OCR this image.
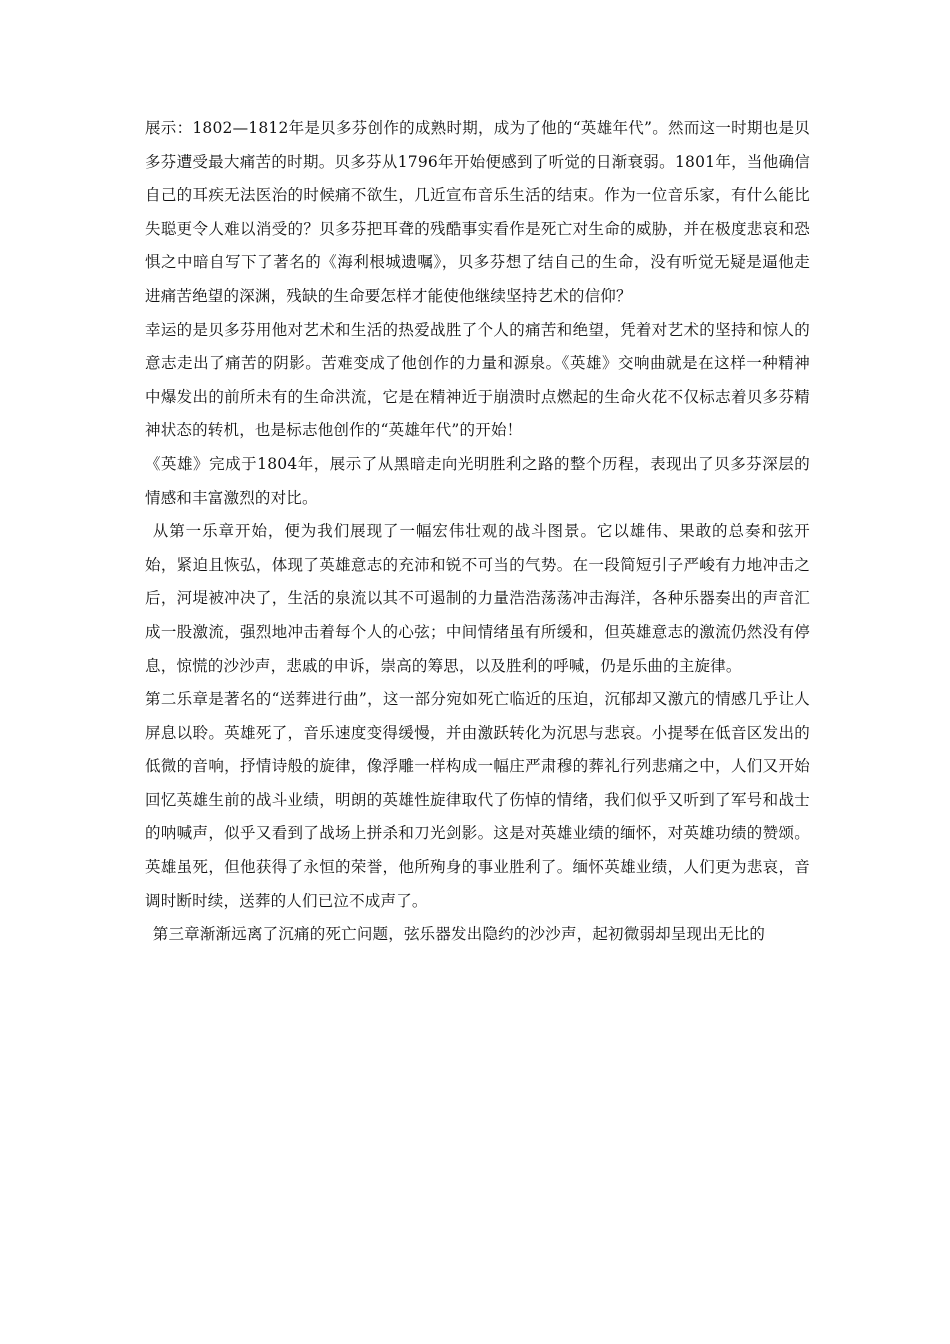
展示：1802—1812年是贝多芬创作的成熟时期，成为了他的“英雄年代”。然而这一时期也是贝多芬遭受最大痛苦的时期。贝多芬从1796年开始便感到了听觉的日渐衰弱。1801年，当他确信自己的耳疾无法医治的时候痛不欲生，几近宣布音乐生活的结束。作为一位音乐家，有什么能比失聪更令人难以消受的？贝多芬把耳聋的残酷事实看作是死亡对生命的威胁，并在极度悲哀和恐惧之中暗自写下了著名的《海利根城遗嘱》，贝多芬想了结自己的生命，没有听觉无疑是逼他走进痛苦绝望的深渊，残缺的生命要怎样才能使他继续坚持艺术的信仰？

幸运的是贝多芬用他对艺术和生活的热爱战胜了个人的痛苦和绝望，凭着对艺术的坚持和惊人的意志走出了痛苦的阴影。苦难变成了他创作的力量和源泉。《英雄》交响曲就是在这样一种精神中爆发出的前所未有的生命洪流，它是在精神近于崩溃时点燃起的生命火花不仅标志着贝多芬精神状态的转机，也是标志他创作的“英雄年代”的开始！

《英雄》完成于1804年，展示了从黑暗走向光明胜利之路的整个历程，表现出了贝多芬深层的情感和丰富激烈的对比。

从第一乐章开始，便为我们展现了一幅宏伟壮观的战斗图景。它以雄伟、果敢的总奏和弦开始，紧迫且恢弘，体现了英雄意志的充沛和锐不可当的气势。在一段简短引子严峻有力地冲击之后，河堤被冲决了，生活的泉流以其不可遏制的力量浩浩荡荡冲击海洋，各种乐器奏出的声音汇成一股激流，强烈地冲击着每个人的心弦；中间情绪虽有所缓和，但英雄意志的激流仍然没有停息，惊慌的沙沙声，悲戚的申诉，崇高的筹思，以及胜利的呼喊，仍是乐曲的主旋律。

第二乐章是著名的“送葬进行曲”，这一部分宛如死亡临近的压迫，沉郁却又激亢的情感几乎让人屏息以聆。英雄死了，音乐速度变得缓慢，并由激跃转化为沉思与悲哀。小提琴在低音区发出的低微的音响，抒情诗般的旋律，像浮雕一样构成一幅庄严肃穆的葬礼行列悲痛之中，人们又开始回忆英雄生前的战斗业绩，明朗的英雄性旋律取代了伤悼的情绪，我们似乎又听到了军号和战士的呐喊声，似乎又看到了战场上拼杀和刀光剑影。这是对英雄业绩的缅怀，对英雄功绩的赞颂。英雄虽死，但他获得了永恒的荣誉，他所殉身的事业胜利了。缅怀英雄业绩，人们更为悲哀，音调时断时续，送葬的人们已泣不成声了。

第三章渐渐远离了沉痛的死亡问题，弦乐器发出隐约的沙沙声，起初微弱却呈现出无比的
